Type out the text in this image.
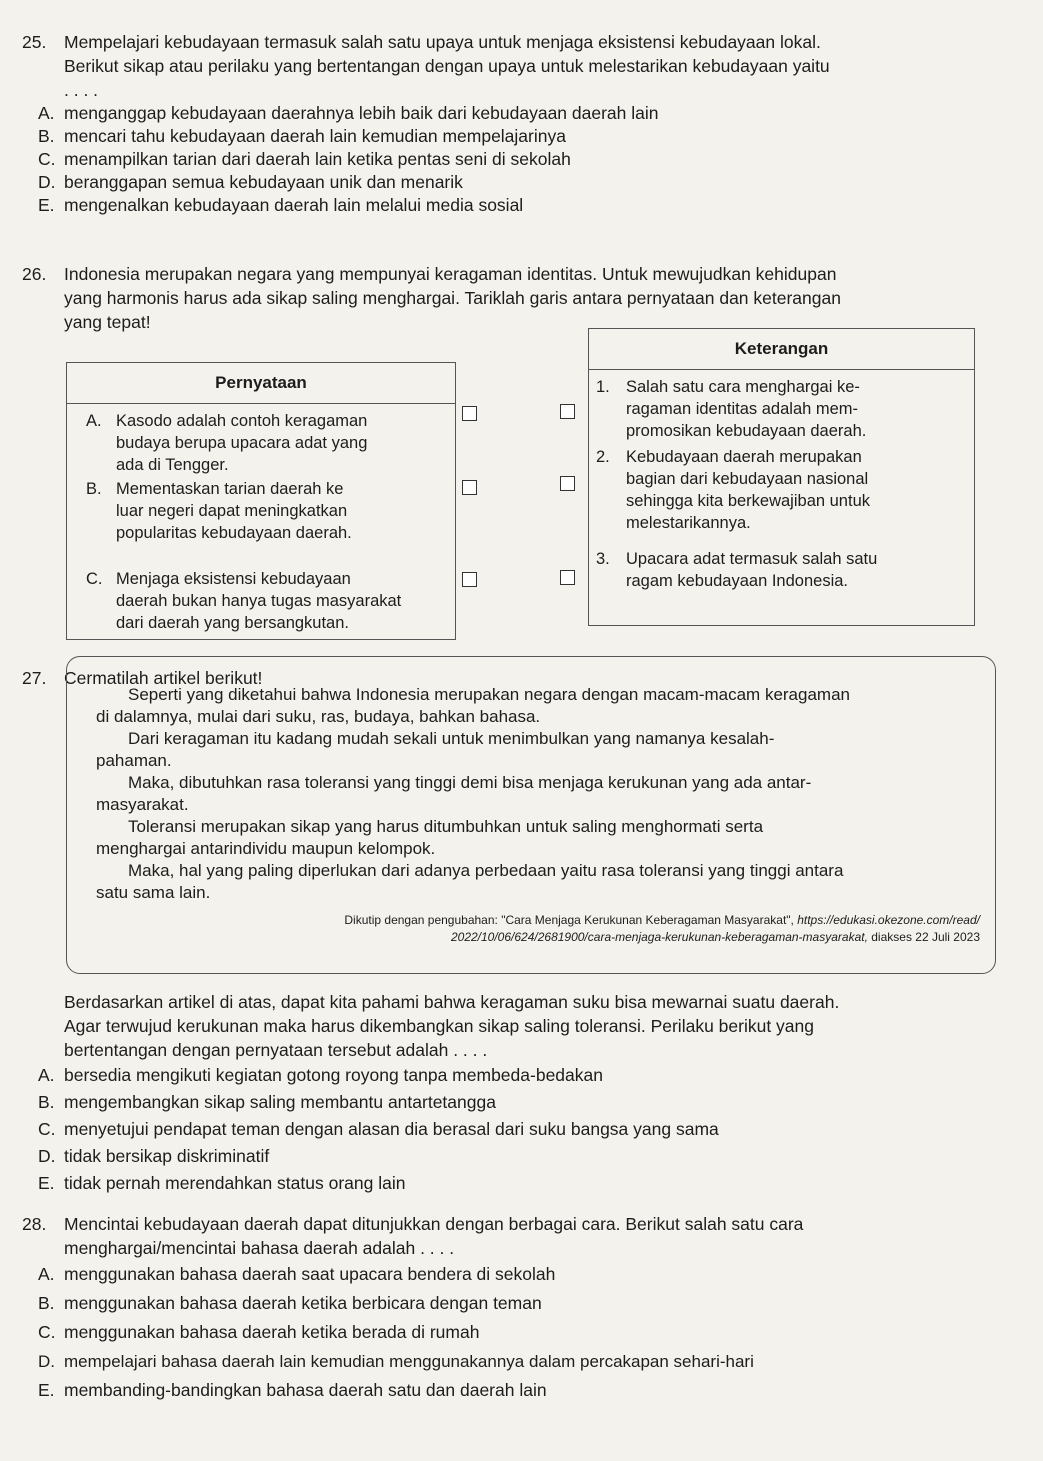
25. Mempelajari kebudayaan termasuk salah satu upaya untuk menjaga eksistensi kebudayaan lokal.
Berikut sikap atau perilaku yang bertentangan dengan upaya untuk melestarikan kebudayaan yaitu
. . . .
A. menganggap kebudayaan daerahnya lebih baik dari kebudayaan daerah lain
B. mencari tahu kebudayaan daerah lain kemudian mempelajarinya
C. menampilkan tarian dari daerah lain ketika pentas seni di sekolah
D. beranggapan semua kebudayaan unik dan menarik
E. mengenalkan kebudayaan daerah lain melalui media sosial
26. Indonesia merupakan negara yang mempunyai keragaman identitas. Untuk mewujudkan kehidupan
yang harmonis harus ada sikap saling menghargai. Tariklah garis antara pernyataan dan keterangan
yang tepat!
Pernyataan
Keterangan
A. Kasodo adalah contoh keragaman
budaya berupa upacara adat yang
ada di Tengger.
B. Mementaskan tarian daerah ke
luar negeri dapat meningkatkan
popularitas kebudayaan daerah.
C. Menjaga eksistensi kebudayaan
daerah bukan hanya tugas masyarakat
dari daerah yang bersangkutan.
1. Salah satu cara menghargai ke-
ragaman identitas adalah mem-
promosikan kebudayaan daerah.
2. Kebudayaan daerah merupakan
bagian dari kebudayaan nasional
sehingga kita berkewajiban untuk
melestarikannya.
3. Upacara adat termasuk salah satu
ragam kebudayaan Indonesia.
27. Cermatilah artikel berikut!
Seperti yang diketahui bahwa Indonesia merupakan negara dengan macam-macam keragaman
di dalamnya, mulai dari suku, ras, budaya, bahkan bahasa.
Dari keragaman itu kadang mudah sekali untuk menimbulkan yang namanya kesalah-
pahaman.
Maka, dibutuhkan rasa toleransi yang tinggi demi bisa menjaga kerukunan yang ada antar-
masyarakat.
Toleransi merupakan sikap yang harus ditumbuhkan untuk saling menghormati serta
menghargai antarindividu maupun kelompok.
Maka, hal yang paling diperlukan dari adanya perbedaan yaitu rasa toleransi yang tinggi antara
satu sama lain.
Dikutip dengan pengubahan: "Cara Menjaga Kerukunan Keberagaman Masyarakat", https://edukasi.okezone.com/read/
2022/10/06/624/2681900/cara-menjaga-kerukunan-keberagaman-masyarakat, diakses 22 Juli 2023
Berdasarkan artikel di atas, dapat kita pahami bahwa keragaman suku bisa mewarnai suatu daerah.
Agar terwujud kerukunan maka harus dikembangkan sikap saling toleransi. Perilaku berikut yang
bertentangan dengan pernyataan tersebut adalah . . . .
A. bersedia mengikuti kegiatan gotong royong tanpa membeda-bedakan
B. mengembangkan sikap saling membantu antartetangga
C. menyetujui pendapat teman dengan alasan dia berasal dari suku bangsa yang sama
D. tidak bersikap diskriminatif
E. tidak pernah merendahkan status orang lain
28. Mencintai kebudayaan daerah dapat ditunjukkan dengan berbagai cara. Berikut salah satu cara
menghargai/mencintai bahasa daerah adalah . . . .
A. menggunakan bahasa daerah saat upacara bendera di sekolah
B. menggunakan bahasa daerah ketika berbicara dengan teman
C. menggunakan bahasa daerah ketika berada di rumah
D. mempelajari bahasa daerah lain kemudian menggunakannya dalam percakapan sehari-hari
E. membanding-bandingkan bahasa daerah satu dan daerah lain
